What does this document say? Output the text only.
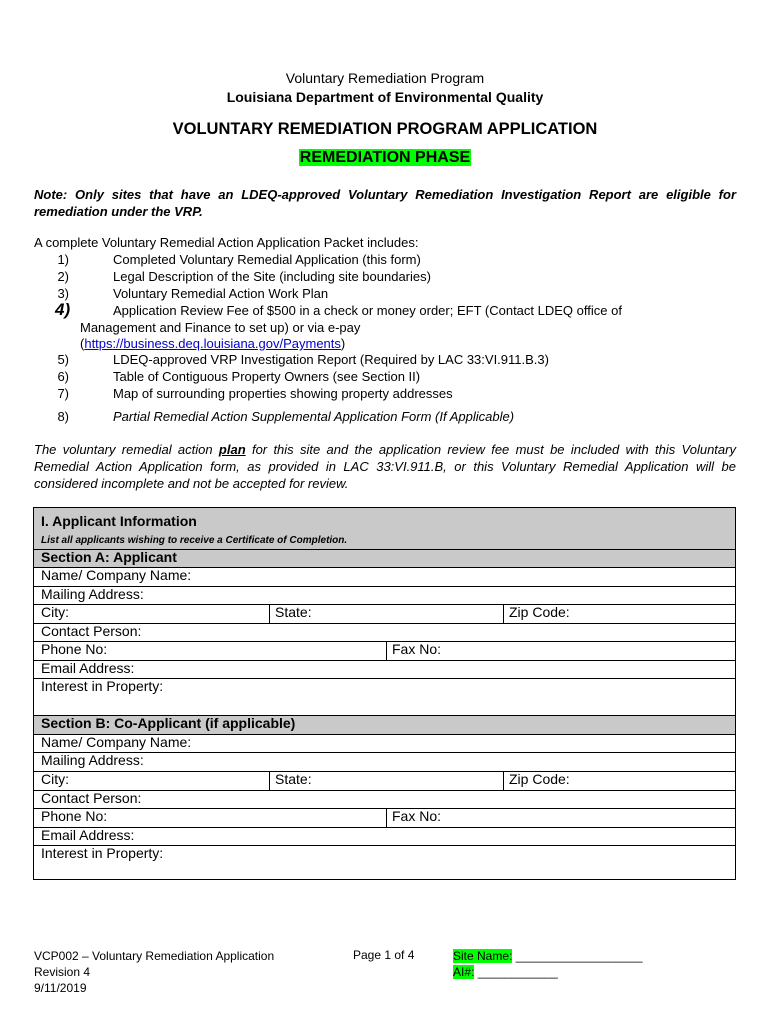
Voluntary Remediation Program
Louisiana Department of Environmental Quality
VOLUNTARY REMEDIATION PROGRAM APPLICATION
REMEDIATION PHASE
Note: Only sites that have an LDEQ-approved Voluntary Remediation Investigation Report are eligible for remediation under the VRP.
A complete Voluntary Remedial Action Application Packet includes:
1)	Completed Voluntary Remedial Application (this form)
2)	Legal Description of the Site (including site boundaries)
3)	Voluntary Remedial Action Work Plan
4)	Application Review Fee of $500 in a check or money order; EFT (Contact LDEQ office of
Management and Finance to set up) or via e-pay
(https://business.deq.louisiana.gov/Payments)
5)	LDEQ-approved VRP Investigation Report (Required by LAC 33:VI.911.B.3)
6)	Table of Contiguous Property Owners (see Section II)
7)	Map of surrounding properties showing property addresses
8)	Partial Remedial Action Supplemental Application Form (If Applicable)
The voluntary remedial action plan for this site and the application review fee must be included with this Voluntary Remedial Action Application form, as provided in LAC 33:VI.911.B, or this Voluntary Remedial Application will be considered incomplete and not be accepted for review.
I. Applicant Information
List all applicants wishing to receive a Certificate of Completion.
Section A: Applicant
Name/ Company Name:
Mailing Address:
City:	State:	Zip Code:
Contact Person:
Phone No:	Fax No:
Email Address:
Interest in Property:
Section B: Co-Applicant (if applicable)
Name/ Company Name:
Mailing Address:
City:	State:	Zip Code:
Contact Person:
Phone No:	Fax No:
Email Address:
Interest in Property:
VCP002 – Voluntary Remediation Application
Revision 4
9/11/2019
Page 1 of 4	Site Name: ___________________
AI#: ____________
